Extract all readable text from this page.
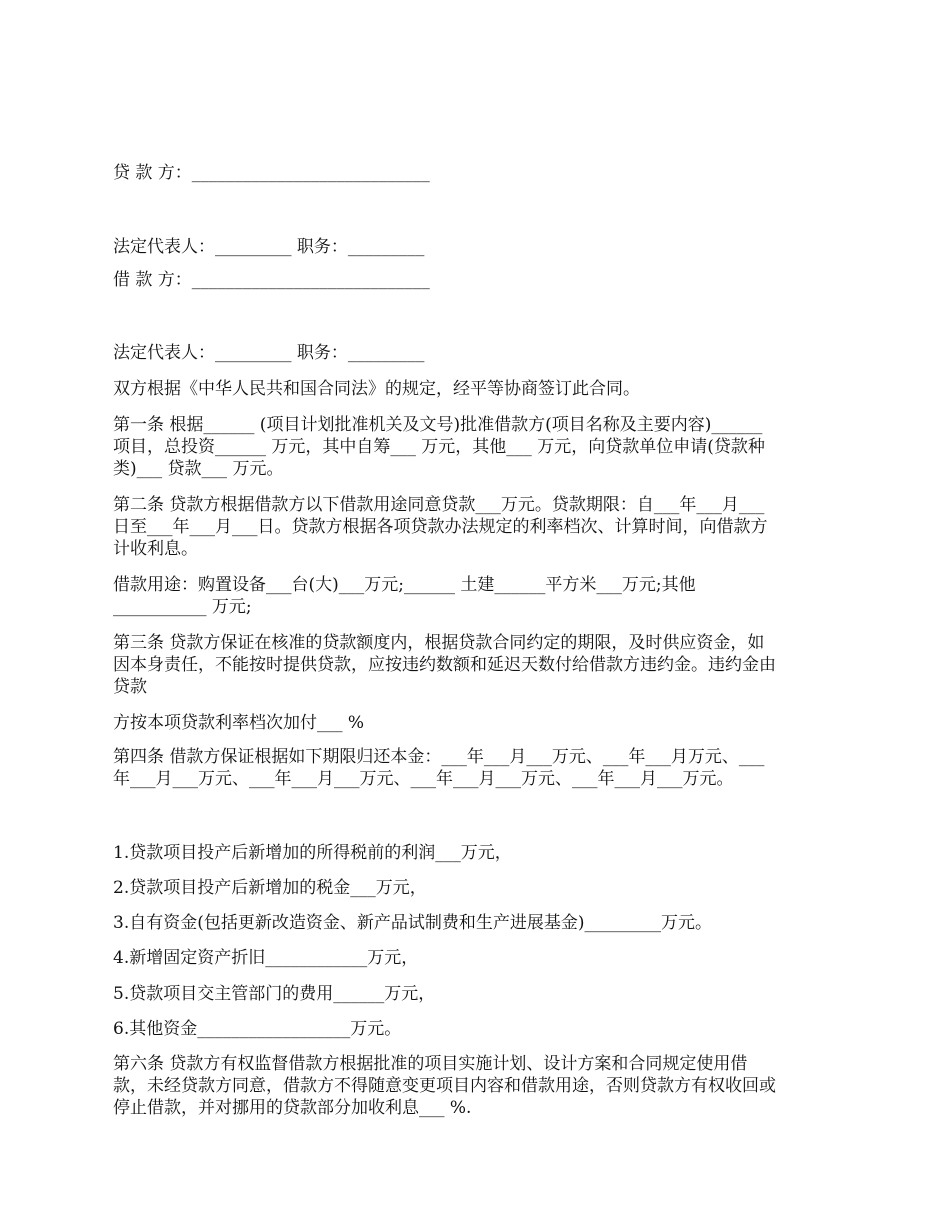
贷 款 方：____________________________

法定代表人：_________ 职务：_________

借 款 方：____________________________

法定代表人：_________ 职务：_________

双方根据《中华人民共和国合同法》的规定，经平等协商签订此合同。

第一条 根据______ (项目计划批准机关及文号)批准借款方(项目名称及主要内容)______

项目，总投资______ 万元，其中自筹___ 万元，其他___ 万元，向贷款单位申请(贷款种

类)___ 贷款___ 万元。

第二条 贷款方根据借款方以下借款用途同意贷款___万元。贷款期限：自___年___月___

日至___年___月___日。贷款方根据各项贷款办法规定的利率档次、计算时间，向借款方

计收利息。

借款用途：购置设备___台(大)___万元;______ 土建______平方米___万元;其他

___________ 万元;

第三条 贷款方保证在核准的贷款额度内，根据贷款合同约定的期限，及时供应资金，如

因本身责任，不能按时提供贷款，应按违约数额和延迟天数付给借款方违约金。违约金由

贷款

方按本项贷款利率档次加付___ %

第四条 借款方保证根据如下期限归还本金：___年___月___万元、___年___月万元、___

年___月___万元、___年___月___万元、___年___月___万元、___年___月___万元。

1.贷款项目投产后新增加的所得税前的利润___万元，

2.贷款项目投产后新增加的税金___万元，

3.自有资金(包括更新改造资金、新产品试制费和生产进展基金)_________万元。

4.新增固定资产折旧____________万元，

5.贷款项目交主管部门的费用______万元，

6.其他资金__________________万元。

第六条 贷款方有权监督借款方根据批准的项目实施计划、设计方案和合同规定使用借

款，未经贷款方同意，借款方不得随意变更项目内容和借款用途，否则贷款方有权收回或

停止借款，并对挪用的贷款部分加收利息___ %.
